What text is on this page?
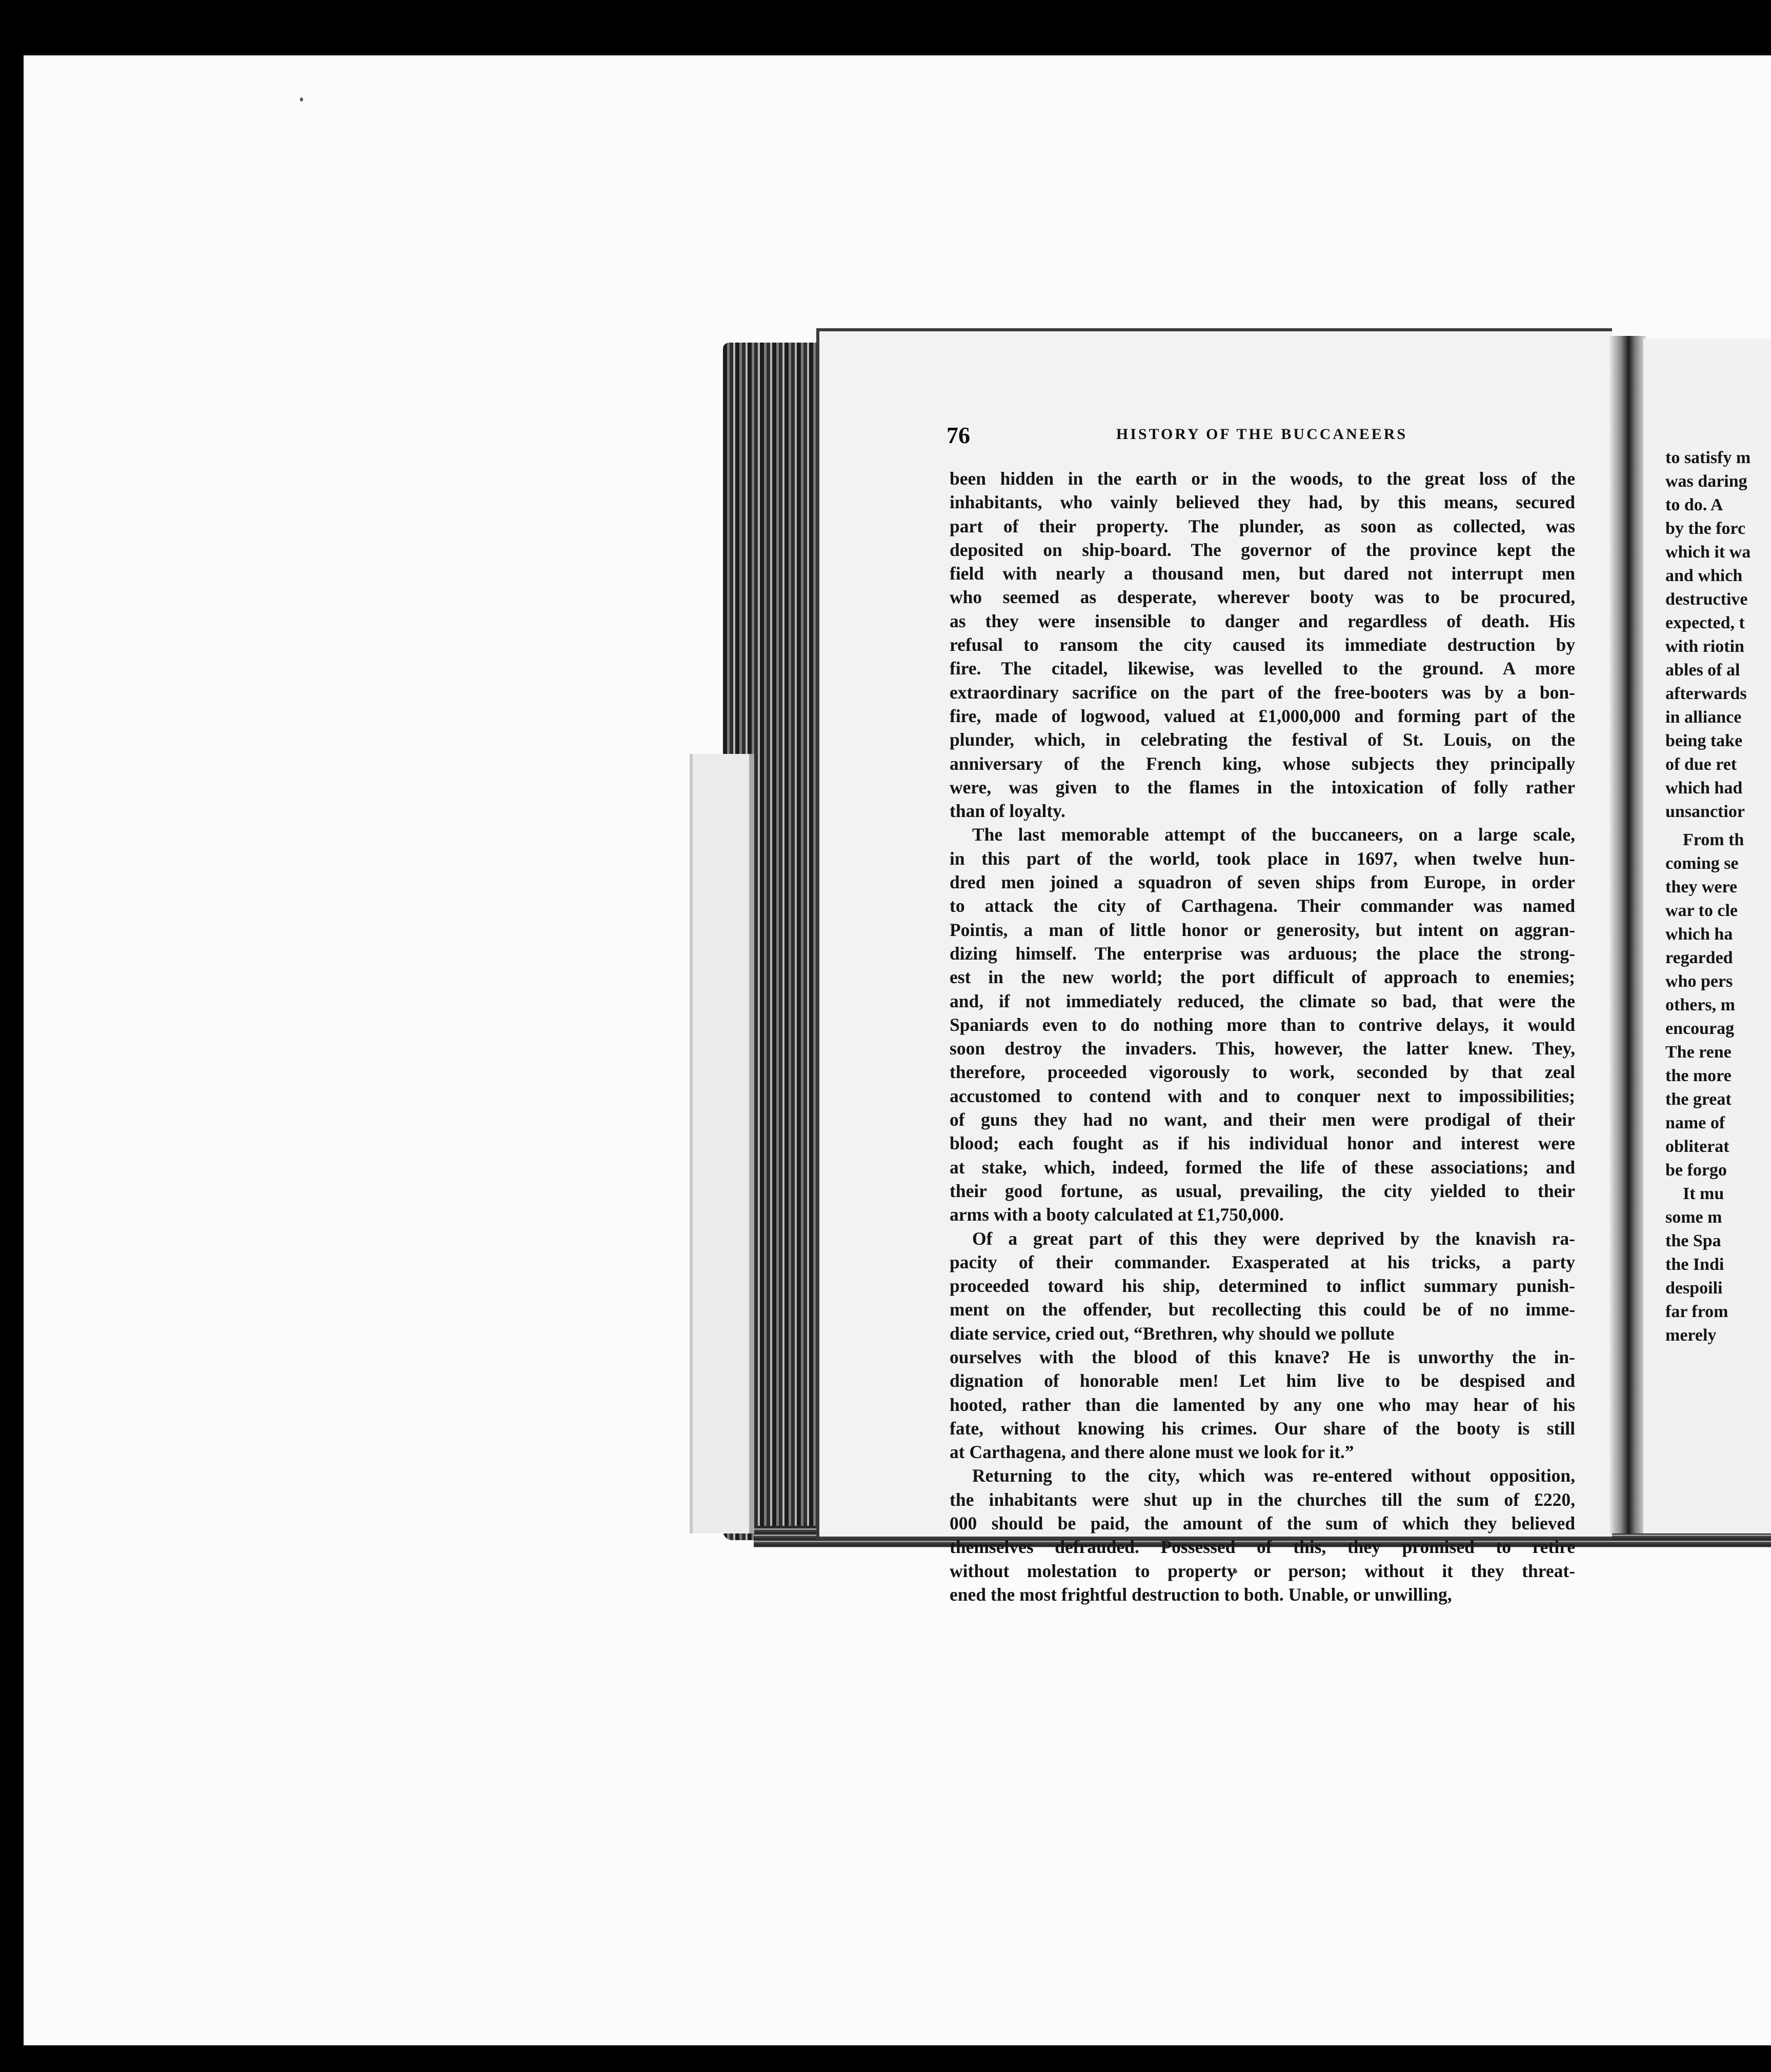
76	HISTORY OF THE BUCCANEERS
been hidden in the earth or in the woods, to the great loss of the
inhabitants, who vainly believed they had, by this means, secured
part of their property. The plunder, as soon as collected, was
deposited on ship-board. The governor of the province kept the
field with nearly a thousand men, but dared not interrupt men
who seemed as desperate, wherever booty was to be procured,
as they were insensible to danger and regardless of death. His
refusal to ransom the city caused its immediate destruction by
fire. The citadel, likewise, was levelled to the ground. A more
extraordinary sacrifice on the part of the free-booters was by a bon-
fire, made of logwood, valued at £1,000,000 and forming part of the
plunder, which, in celebrating the festival of St. Louis, on the
anniversary of the French king, whose subjects they principally
were, was given to the flames in the intoxication of folly rather
than of loyalty.
The last memorable attempt of the buccaneers, on a large scale,
in this part of the world, took place in 1697, when twelve hun-
dred men joined a squadron of seven ships from Europe, in order
to attack the city of Carthagena. Their commander was named
Pointis, a man of little honor or generosity, but intent on aggran-
dizing himself. The enterprise was arduous; the place the strong-
est in the new world; the port difficult of approach to enemies;
and, if not immediately reduced, the climate so bad, that were the
Spaniards even to do nothing more than to contrive delays, it would
soon destroy the invaders. This, however, the latter knew. They,
therefore, proceeded vigorously to work, seconded by that zeal
accustomed to contend with and to conquer next to impossibilities;
of guns they had no want, and their men were prodigal of their
blood; each fought as if his individual honor and interest were
at stake, which, indeed, formed the life of these associations; and
their good fortune, as usual, prevailing, the city yielded to their
arms with a booty calculated at £1,750,000.
Of a great part of this they were deprived by the knavish ra-
pacity of their commander. Exasperated at his tricks, a party
proceeded toward his ship, determined to inflict summary punish-
ment on the offender, but recollecting this could be of no imme-
diate service, cried out, “Brethren, why should we pollute
ourselves with the blood of this knave? He is unworthy the in-
dignation of honorable men! Let him live to be despised and
hooted, rather than die lamented by any one who may hear of his
fate, without knowing his crimes. Our share of the booty is still
at Carthagena, and there alone must we look for it.”
Returning to the city, which was re-entered without opposition,
the inhabitants were shut up in the churches till the sum of £220,
000 should be paid, the amount of the sum of which they believed
themselves defrauded. Possessed of this, they promised to retire
without molestation to property or person; without it they threat-
ened the most frightful destruction to both. Unable, or unwilling,
to satisfy m
was daring
to do. A
by the forc
which it wa
and which
destructive
expected, t
with riotin
ables of al
afterwards
in alliance
being take
of due ret
which had
unsanctior
From th
coming se
they were
war to cle
which ha
regarded
who pers
others, m
encourag
The rene
the more
the great
name of
obliterat
be forgo
It mu
some m
the Spa
the Indi
despoili
far from
merely
